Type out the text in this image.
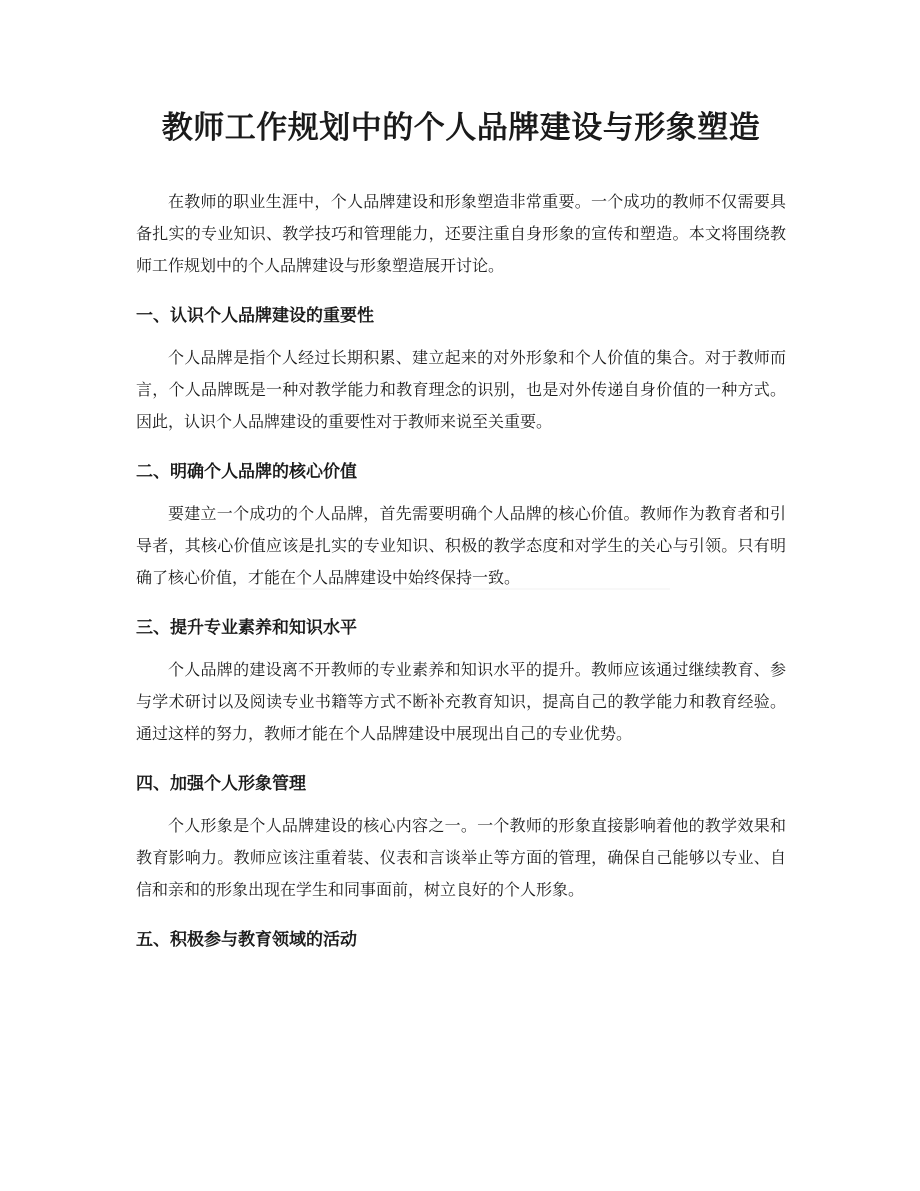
教师工作规划中的个人品牌建设与形象塑造

在教师的职业生涯中，个人品牌建设和形象塑造非常重要。一个成功的教师不仅需要具备扎实的专业知识、教学技巧和管理能力，还要注重自身形象的宣传和塑造。本文将围绕教师工作规划中的个人品牌建设与形象塑造展开讨论。

一、认识个人品牌建设的重要性

个人品牌是指个人经过长期积累、建立起来的对外形象和个人价值的集合。对于教师而言，个人品牌既是一种对教学能力和教育理念的识别，也是对外传递自身价值的一种方式。因此，认识个人品牌建设的重要性对于教师来说至关重要。

二、明确个人品牌的核心价值

要建立一个成功的个人品牌，首先需要明确个人品牌的核心价值。教师作为教育者和引导者，其核心价值应该是扎实的专业知识、积极的教学态度和对学生的关心与引领。只有明确了核心价值，才能在个人品牌建设中始终保持一致。

三、提升专业素养和知识水平

个人品牌的建设离不开教师的专业素养和知识水平的提升。教师应该通过继续教育、参与学术研讨以及阅读专业书籍等方式不断补充教育知识，提高自己的教学能力和教育经验。通过这样的努力，教师才能在个人品牌建设中展现出自己的专业优势。

四、加强个人形象管理

个人形象是个人品牌建设的核心内容之一。一个教师的形象直接影响着他的教学效果和教育影响力。教师应该注重着装、仪表和言谈举止等方面的管理，确保自己能够以专业、自信和亲和的形象出现在学生和同事面前，树立良好的个人形象。

五、积极参与教育领域的活动
